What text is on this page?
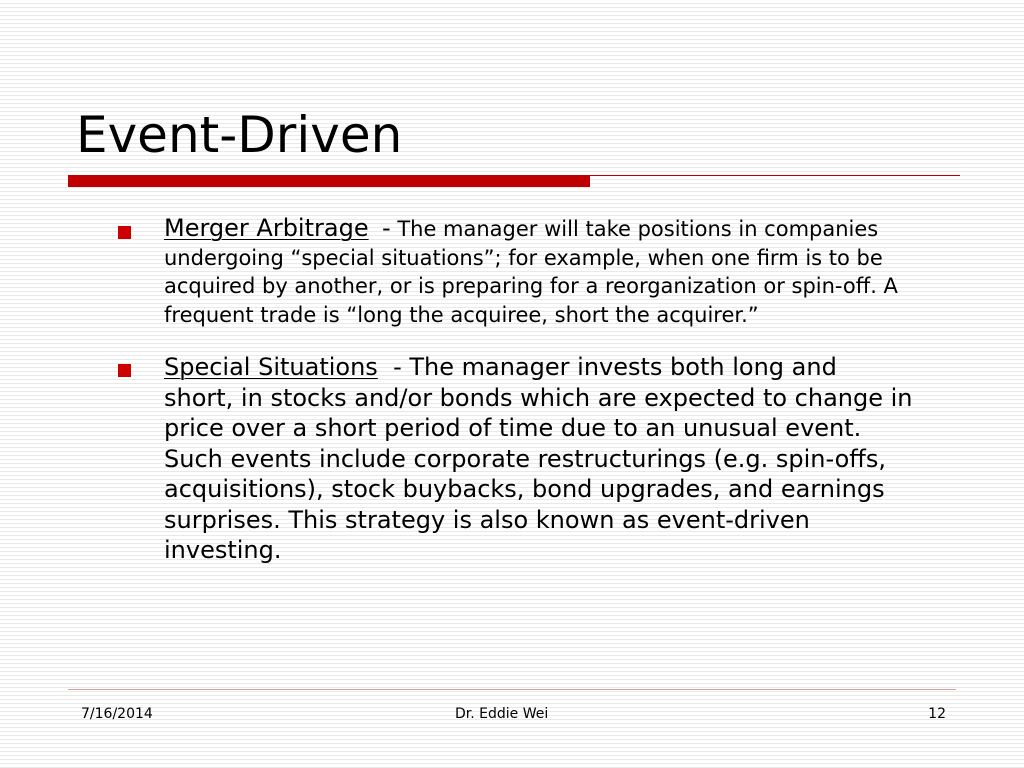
Event-Driven
Merger Arbitrage - The manager will take positions in companies undergoing “special situations”; for example, when one firm is to be acquired by another, or is preparing for a reorganization or spin-off. A frequent trade is “long the acquiree, short the acquirer.”
Special Situations - The manager invests both long and short, in stocks and/or bonds which are expected to change in price over a short period of time due to an unusual event. Such events include corporate restructurings (e.g. spin-offs, acquisitions), stock buybacks, bond upgrades, and earnings surprises. This strategy is also known as event-driven investing.
7/16/2014	Dr. Eddie Wei	12
